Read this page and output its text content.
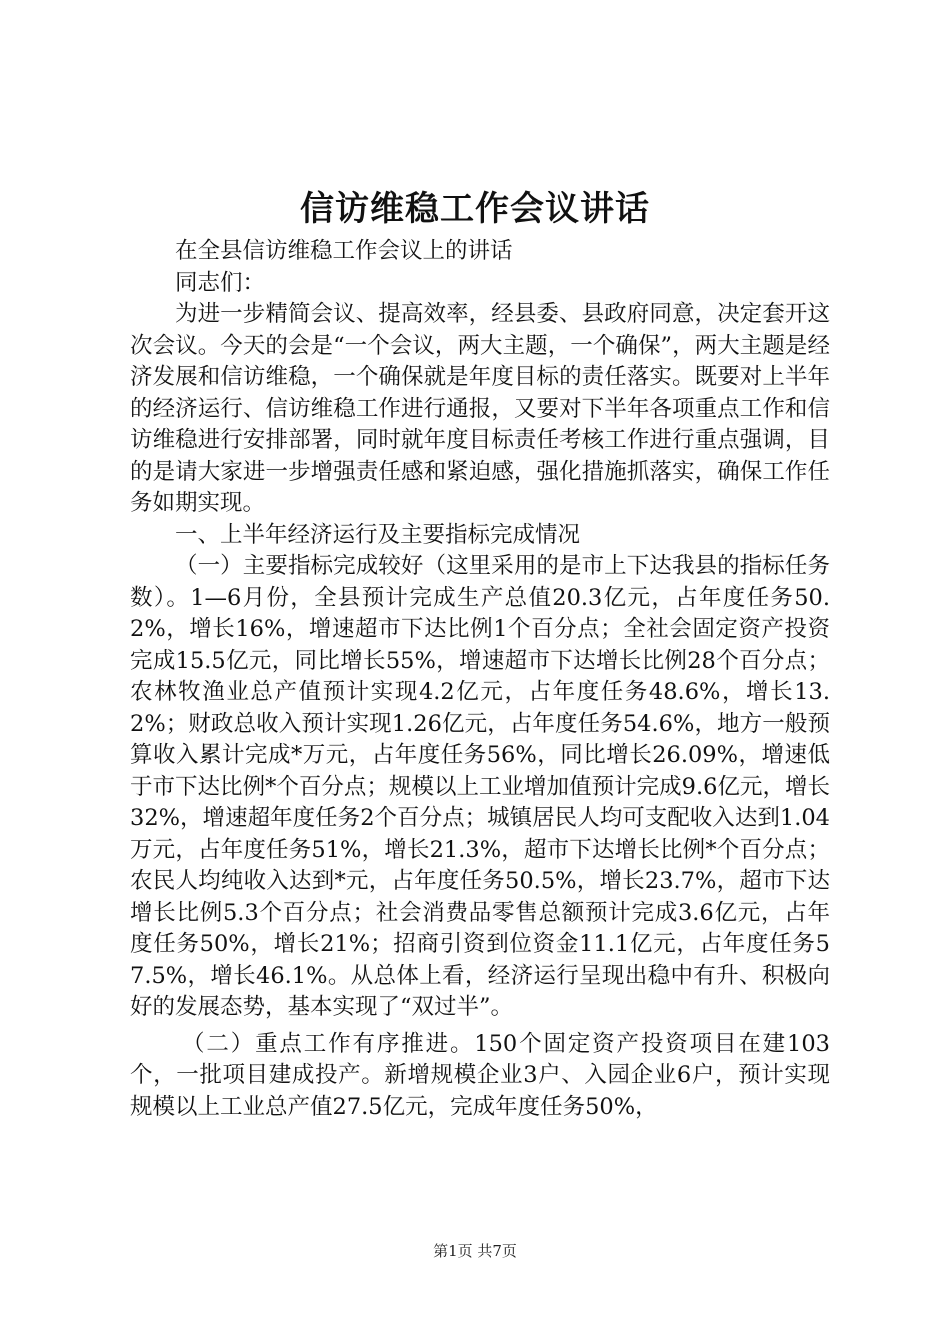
信访维稳工作会议讲话

在全县信访维稳工作会议上的讲话

同志们：

为进一步精简会议、提高效率，经县委、县政府同意，决定套开这次会议。今天的会是“一个会议，两大主题，一个确保”，两大主题是经济发展和信访维稳，一个确保就是年度目标的责任落实。既要对上半年的经济运行、信访维稳工作进行通报，又要对下半年各项重点工作和信访维稳进行安排部署，同时就年度目标责任考核工作进行重点强调，目的是请大家进一步增强责任感和紧迫感，强化措施抓落实，确保工作任务如期实现。

一、上半年经济运行及主要指标完成情况

（一）主要指标完成较好（这里采用的是市上下达我县的指标任务数）。1—6月份，全县预计完成生产总值20.3亿元，占年度任务50.2%，增长16%，增速超市下达比例1个百分点；全社会固定资产投资完成15.5亿元，同比增长55%，增速超市下达增长比例28个百分点；农林牧渔业总产值预计实现4.2亿元，占年度任务48.6%，增长13.2%；财政总收入预计实现1.26亿元，占年度任务54.6%，地方一般预算收入累计完成*万元，占年度任务56%，同比增长26.09%，增速低于市下达比例*个百分点；规模以上工业增加值预计完成9.6亿元，增长32%，增速超年度任务2个百分点；城镇居民人均可支配收入达到1.04万元，占年度任务51%，增长21.3%，超市下达增长比例*个百分点；农民人均纯收入达到*元，占年度任务50.5%，增长23.7%，超市下达增长比例5.3个百分点；社会消费品零售总额预计完成3.6亿元，占年度任务50%，增长21%；招商引资到位资金11.1亿元，占年度任务57.5%，增长46.1%。从总体上看，经济运行呈现出稳中有升、积极向好的发展态势，基本实现了“双过半”。

（二）重点工作有序推进。150个固定资产投资项目在建103个，一批项目建成投产。新增规模企业3户、入园企业6户，预计实现规模以上工业总产值27.5亿元，完成年度任务50%，

第1页 共7页
